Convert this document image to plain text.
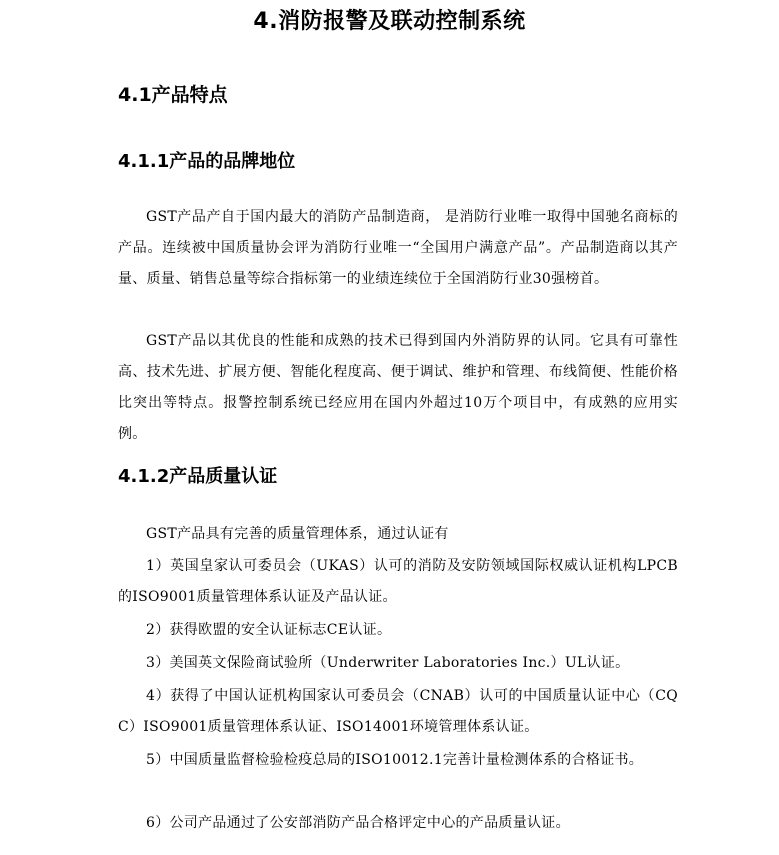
4.消防报警及联动控制系统
4.1产品特点
4.1.1产品的品牌地位

GST产品产自于国内最大的消防产品制造商， 是消防行业唯一取得中国驰名商标的产品。连续被中国质量协会评为消防行业唯一“全国用户满意产品”。产品制造商以其产量、质量、销售总量等综合指标第一的业绩连续位于全国消防行业30强榜首。

GST产品以其优良的性能和成熟的技术已得到国内外消防界的认同。它具有可靠性高、技术先进、扩展方便、智能化程度高、便于调试、维护和管理、布线简便、性能价格比突出等特点。报警控制系统已经应用在国内外超过10万个项目中，有成熟的应用实例。

4.1.2产品质量认证

GST产品具有完善的质量管理体系，通过认证有

1）英国皇家认可委员会（UKAS）认可的消防及安防领域国际权威认证机构LPCB的ISO9001质量管理体系认证及产品认证。

2）获得欧盟的安全认证标志CE认证。

3）美国英文保险商试验所（Underwriter Laboratories Inc.）UL认证。

4）获得了中国认证机构国家认可委员会（CNAB）认可的中国质量认证中心（CQC）ISO9001质量管理体系认证、ISO14001环境管理体系认证。

5）中国质量监督检验检疫总局的ISO10012.1完善计量检测体系的合格证书。

6）公司产品通过了公安部消防产品合格评定中心的产品质量认证。
